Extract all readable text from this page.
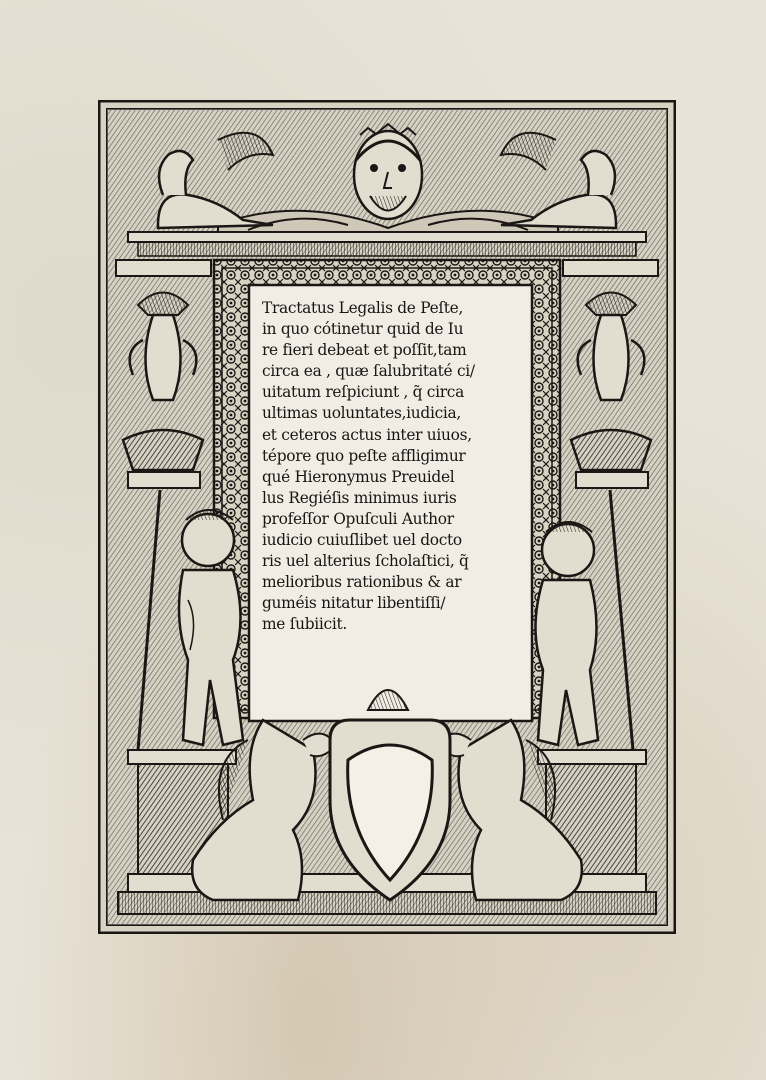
Tractatus Legalis de Peſte,
in quo cótinetur quid de Iu
re fieri debeat et poſſit,tam
circa ea , quæ ſalubritaté ci/
uitatum reſpiciunt , q̃ circa
ultimas uoluntates,iudicia,
et ceteros actus inter uiuos,
tépore quo peſte affligimur
qué Hieronymus Preuidel
lus Regiéſis minimus iuris
profeſſor Opuſculi Author
iudicio cuiuſlibet uel docto
ris uel alterius ſcholaſtici, q̃
melioribus rationibus & ar
guméis nitatur libentiſſi/
me ſubiicit.
